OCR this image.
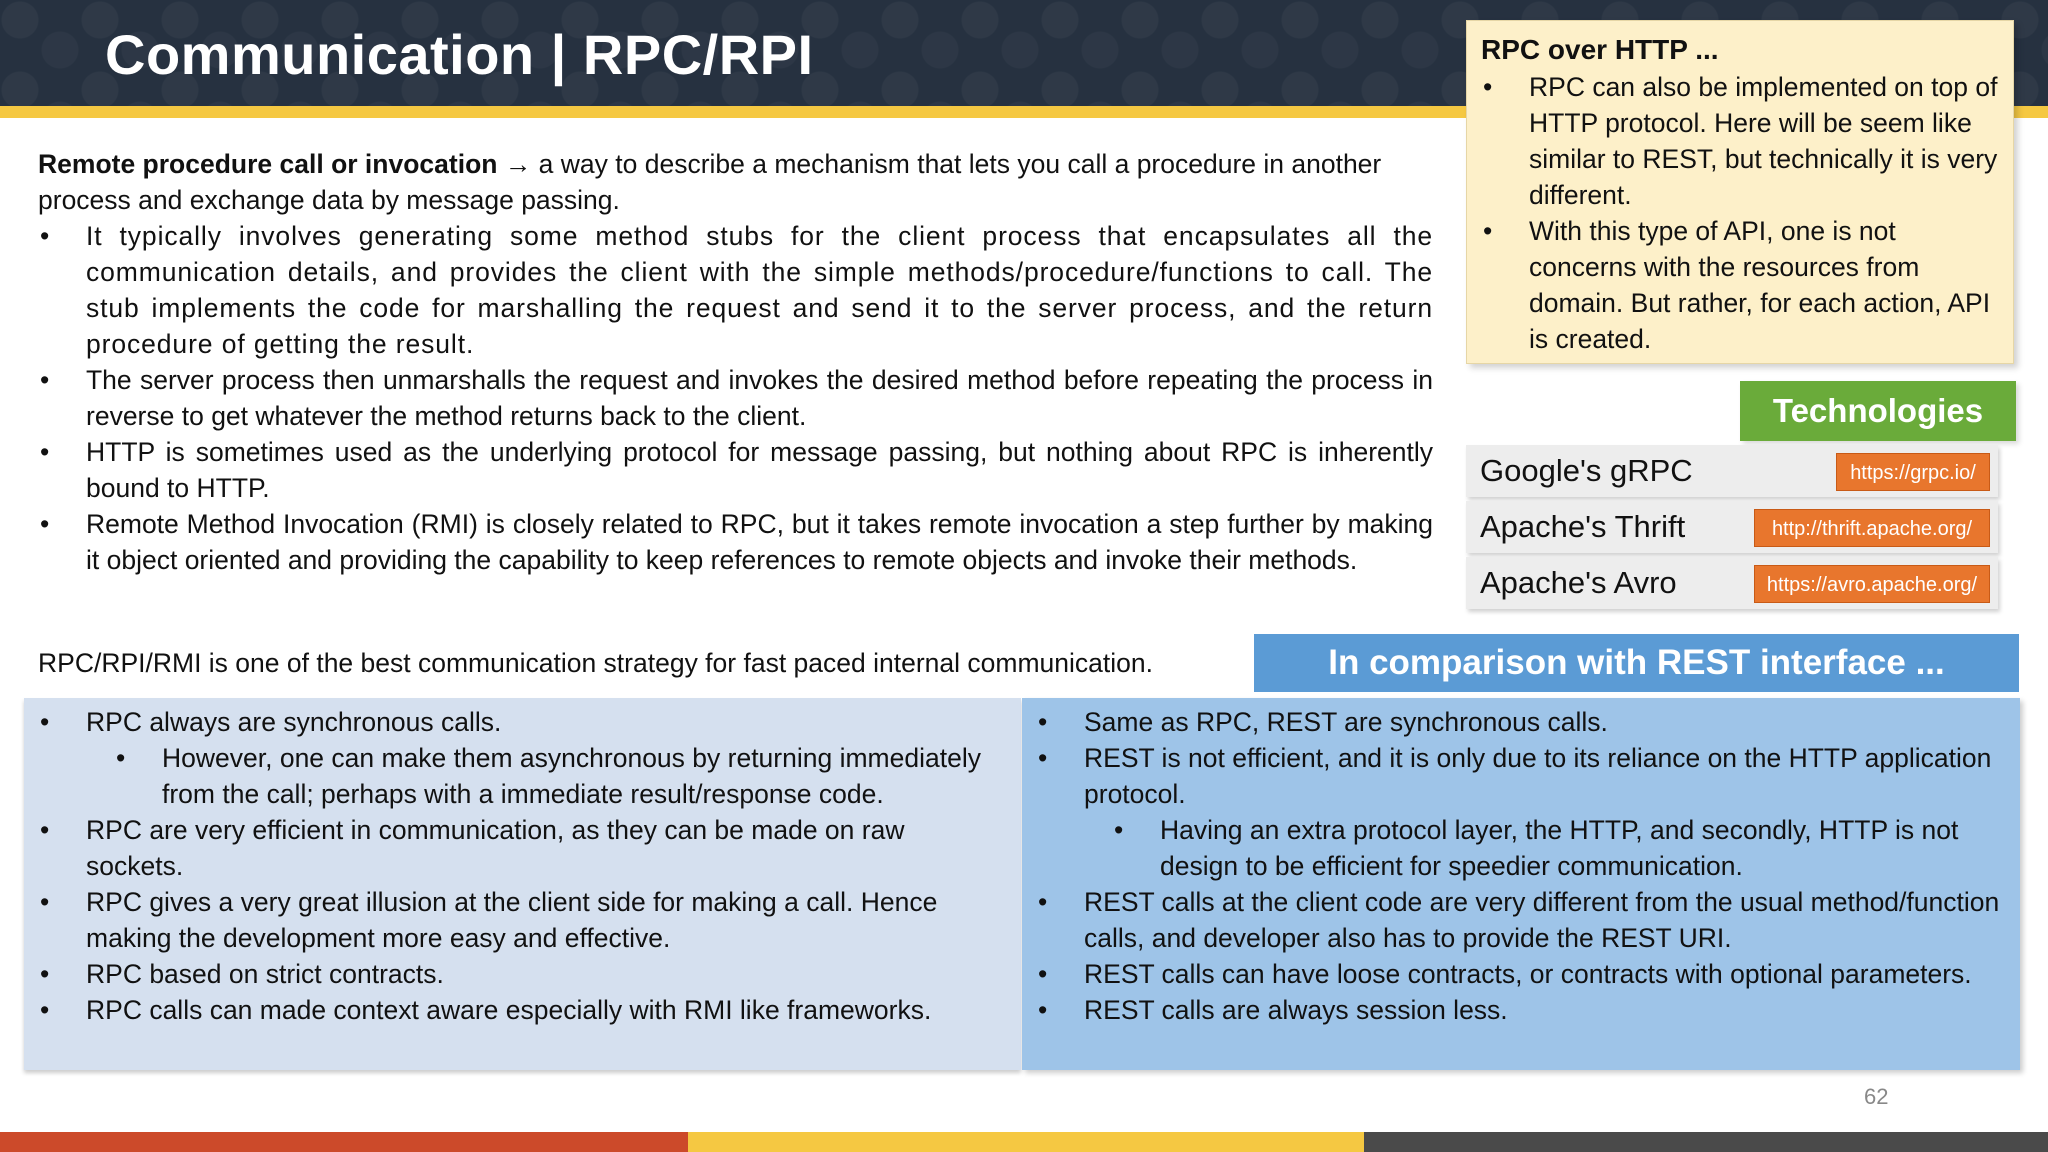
Communication | RPC/RPI
Remote procedure call or invocation → a way to describe a mechanism that lets you call a procedure in another process and exchange data by message passing.
• It typically involves generating some method stubs for the client process that encapsulates all the communication details, and provides the client with the simple methods/procedure/functions to call. The stub implements the code for marshalling the request and send it to the server process, and the return procedure of getting the result.
• The server process then unmarshalls the request and invokes the desired method before repeating the process in reverse to get whatever the method returns back to the client.
• HTTP is sometimes used as the underlying protocol for message passing, but nothing about RPC is inherently bound to HTTP.
• Remote Method Invocation (RMI) is closely related to RPC, but it takes remote invocation a step further by making it object oriented and providing the capability to keep references to remote objects and invoke their methods.
RPC/RPI/RMI is one of the best communication strategy for fast paced internal communication.
RPC over HTTP ...
• RPC can also be implemented on top of HTTP protocol. Here will be seem like similar to REST, but technically it is very different.
• With this type of API, one is not concerns with the resources from domain. But rather, for each action, API is created.
Technologies
Google's gRPC	https://grpc.io/
Apache's Thrift	http://thrift.apache.org/
Apache's Avro	https://avro.apache.org/
In comparison with REST interface ...
• RPC always are synchronous calls.
• However, one can make them asynchronous by returning immediately from the call; perhaps with a immediate result/response code.
• RPC are very efficient in communication, as they can be made on raw sockets.
• RPC gives a very great illusion at the client side for making a call. Hence making the development more easy and effective.
• RPC based on strict contracts.
• RPC calls can made context aware especially with RMI like frameworks.
• Same as RPC, REST are synchronous calls.
• REST is not efficient, and it is only due to its reliance on the HTTP application protocol.
• Having an extra protocol layer, the HTTP, and secondly, HTTP is not design to be efficient for speedier communication.
• REST calls at the client code are very different from the usual method/function calls, and developer also has to provide the REST URI.
• REST calls can have loose contracts, or contracts with optional parameters.
• REST calls are always session less.
62
